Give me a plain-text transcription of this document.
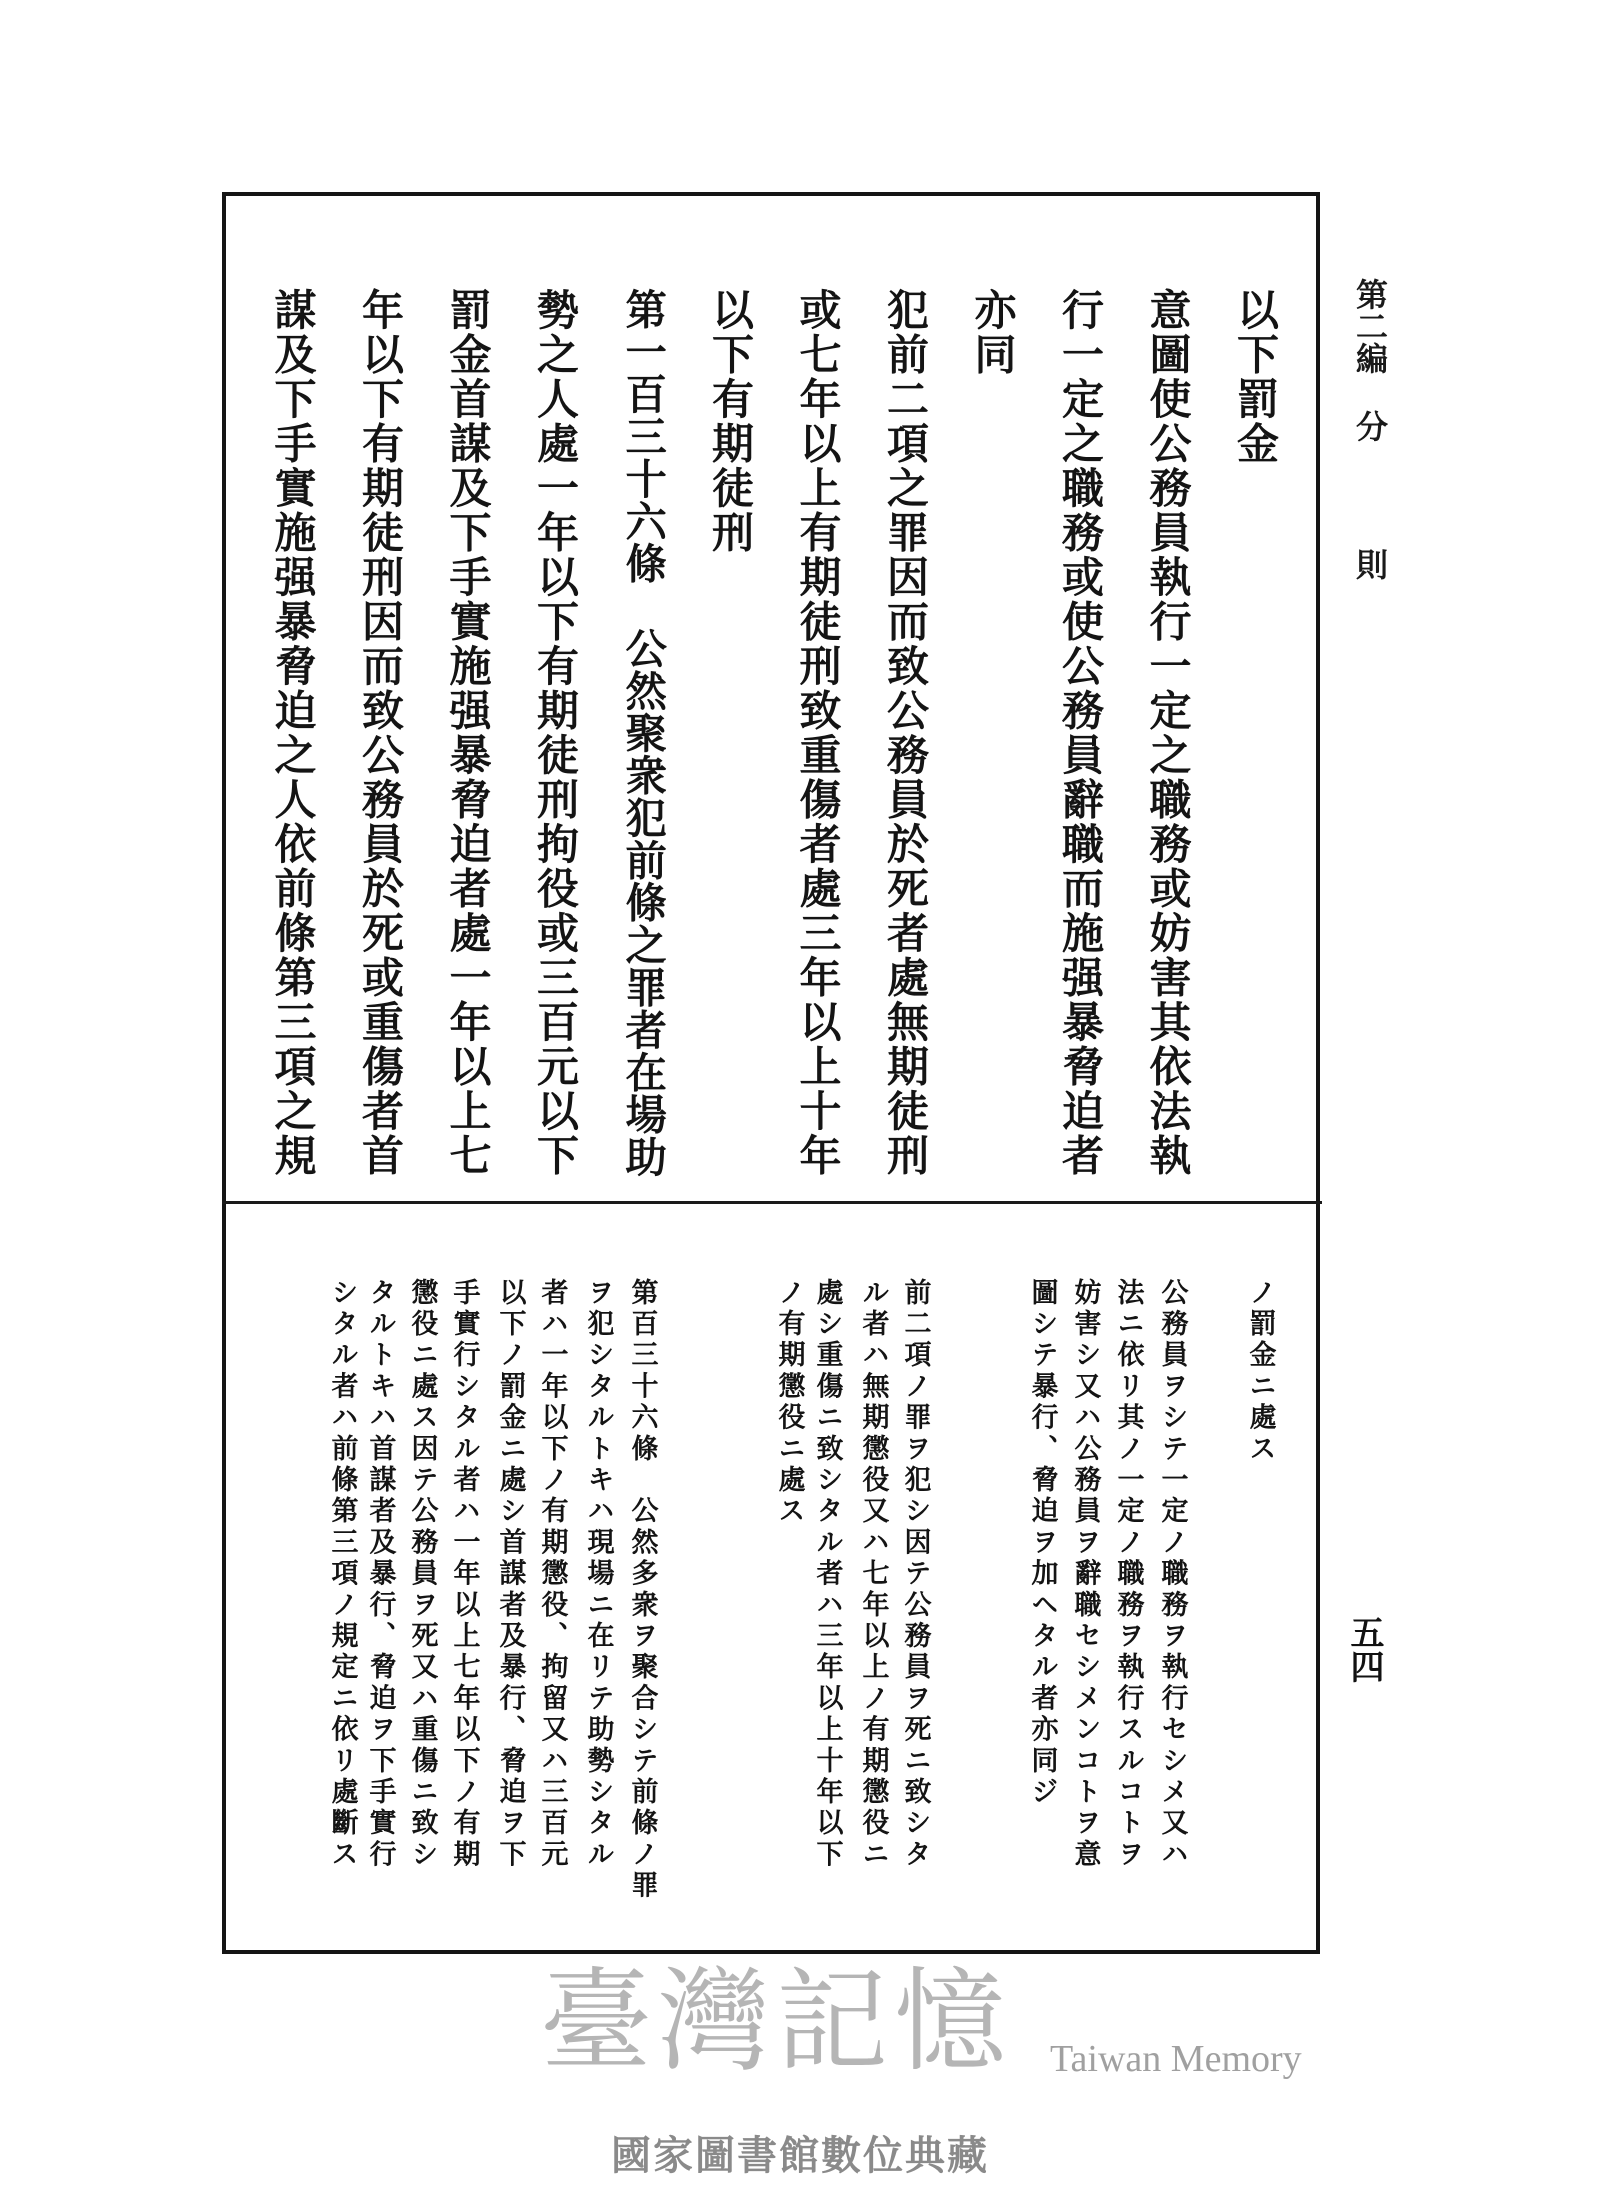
第二編
分
則
五四
以下罰金
意圖使公務員執行一定之職務或妨害其依法執
行一定之職務或使公務員辭職而施强暴脅迫者
亦同
犯前二項之罪因而致公務員於死者處無期徒刑
或七年以上有期徒刑致重傷者處三年以上十年
以下有期徒刑
第一百三十六條　公然聚衆犯前條之罪者在場助
勢之人處一年以下有期徒刑拘役或三百元以下
罰金首謀及下手實施强暴脅迫者處一年以上七
年以下有期徒刑因而致公務員於死或重傷者首
謀及下手實施强暴脅迫之人依前條第三項之規
ノ罰金ニ處ス
公務員ヲシテ一定ノ職務ヲ執行セシメ又ハ
法ニ依リ其ノ一定ノ職務ヲ執行スルコトヲ
妨害シ又ハ公務員ヲ辭職セシメンコトヲ意
圖シテ暴行、脅迫ヲ加ヘタル者亦同ジ
前二項ノ罪ヲ犯シ因テ公務員ヲ死ニ致シタ
ル者ハ無期懲役又ハ七年以上ノ有期懲役ニ
處シ重傷ニ致シタル者ハ三年以上十年以下
ノ有期懲役ニ處ス
第百三十六條　公然多衆ヲ聚合シテ前條ノ罪
ヲ犯シタルトキハ現場ニ在リテ助勢シタル
者ハ一年以下ノ有期懲役、拘留又ハ三百元
以下ノ罰金ニ處シ首謀者及暴行、脅迫ヲ下
手實行シタル者ハ一年以上七年以下ノ有期
懲役ニ處ス因テ公務員ヲ死又ハ重傷ニ致シ
タルトキハ首謀者及暴行、脅迫ヲ下手實行
シタル者ハ前條第三項ノ規定ニ依リ處斷ス
臺灣記憶 Taiwan Memory
國家圖書館數位典藏
